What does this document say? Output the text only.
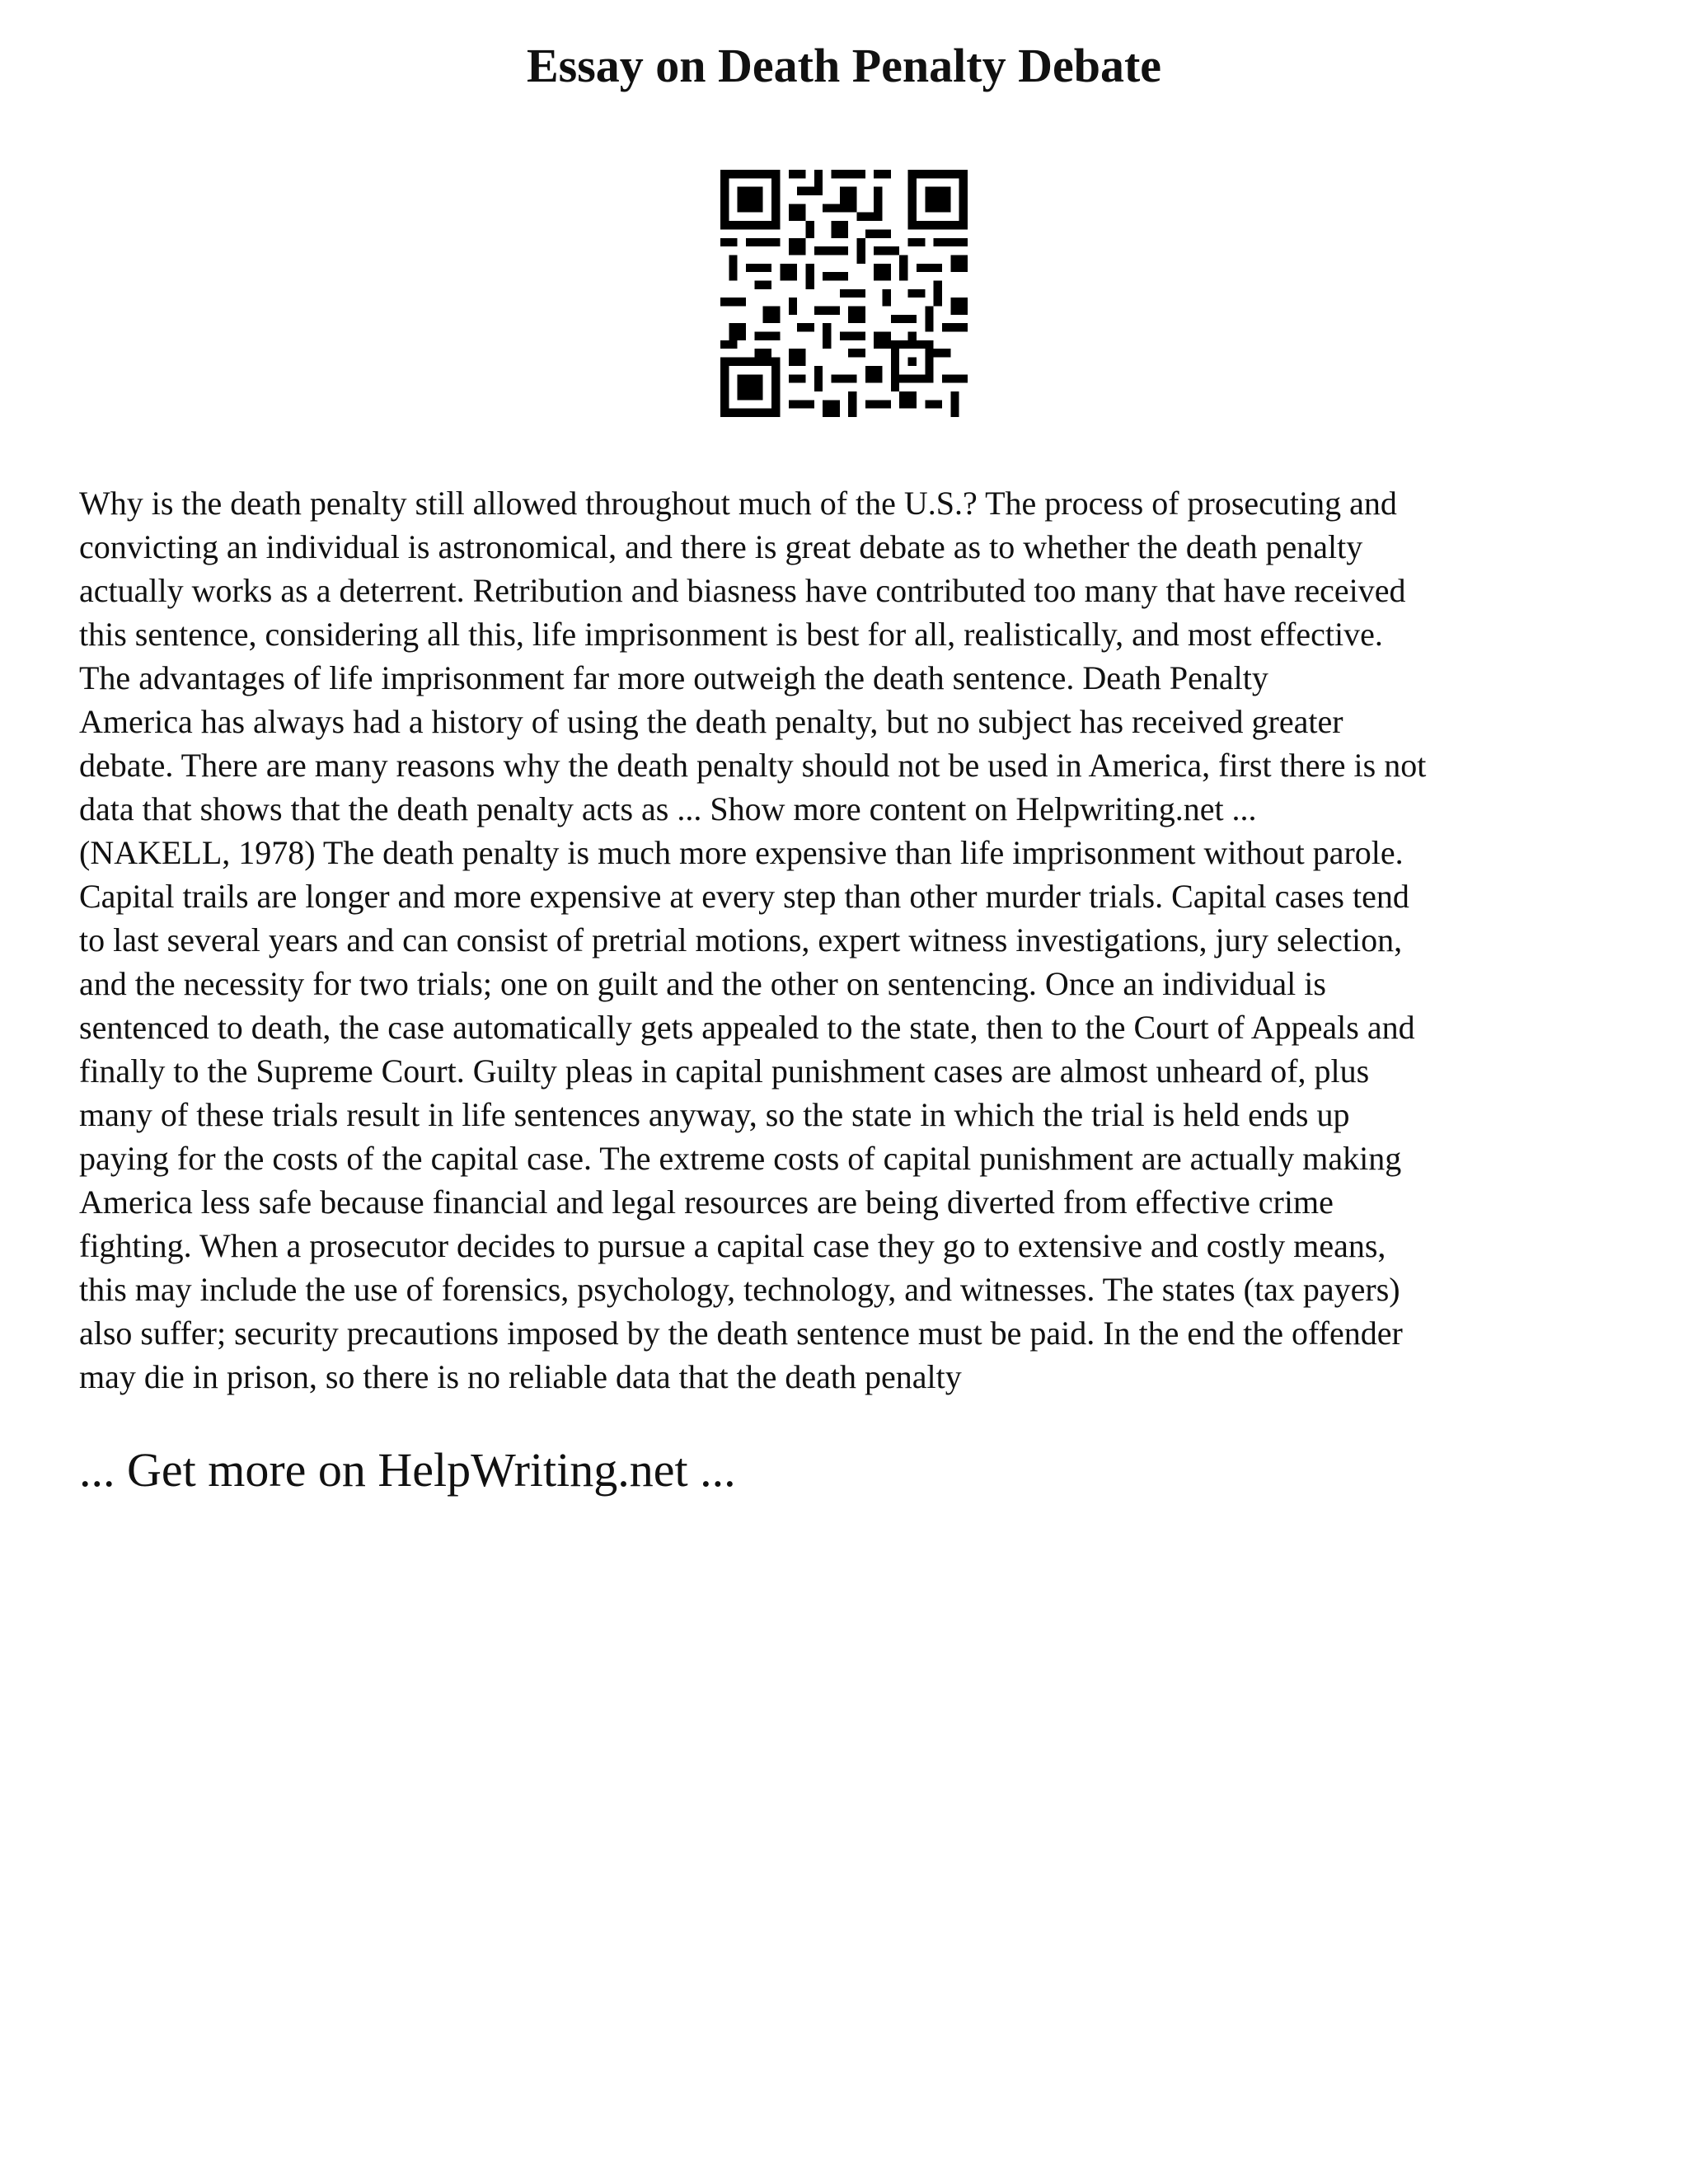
Essay on Death Penalty Debate
Why is the death penalty still allowed throughout much of the U.S.? The process of prosecuting and
convicting an individual is astronomical, and there is great debate as to whether the death penalty
actually works as a deterrent. Retribution and biasness have contributed too many that have received
this sentence, considering all this, life imprisonment is best for all, realistically, and most effective.
The advantages of life imprisonment far more outweigh the death sentence. Death Penalty
America has always had a history of using the death penalty, but no subject has received greater
debate. There are many reasons why the death penalty should not be used in America, first there is not
data that shows that the death penalty acts as ... Show more content on Helpwriting.net ...
(NAKELL, 1978) The death penalty is much more expensive than life imprisonment without parole.
Capital trails are longer and more expensive at every step than other murder trials. Capital cases tend
to last several years and can consist of pretrial motions, expert witness investigations, jury selection,
and the necessity for two trials; one on guilt and the other on sentencing. Once an individual is
sentenced to death, the case automatically gets appealed to the state, then to the Court of Appeals and
finally to the Supreme Court. Guilty pleas in capital punishment cases are almost unheard of, plus
many of these trials result in life sentences anyway, so the state in which the trial is held ends up
paying for the costs of the capital case. The extreme costs of capital punishment are actually making
America less safe because financial and legal resources are being diverted from effective crime
fighting. When a prosecutor decides to pursue a capital case they go to extensive and costly means,
this may include the use of forensics, psychology, technology, and witnesses. The states (tax payers)
also suffer; security precautions imposed by the death sentence must be paid. In the end the offender
may die in prison, so there is no reliable data that the death penalty

... Get more on HelpWriting.net ...
